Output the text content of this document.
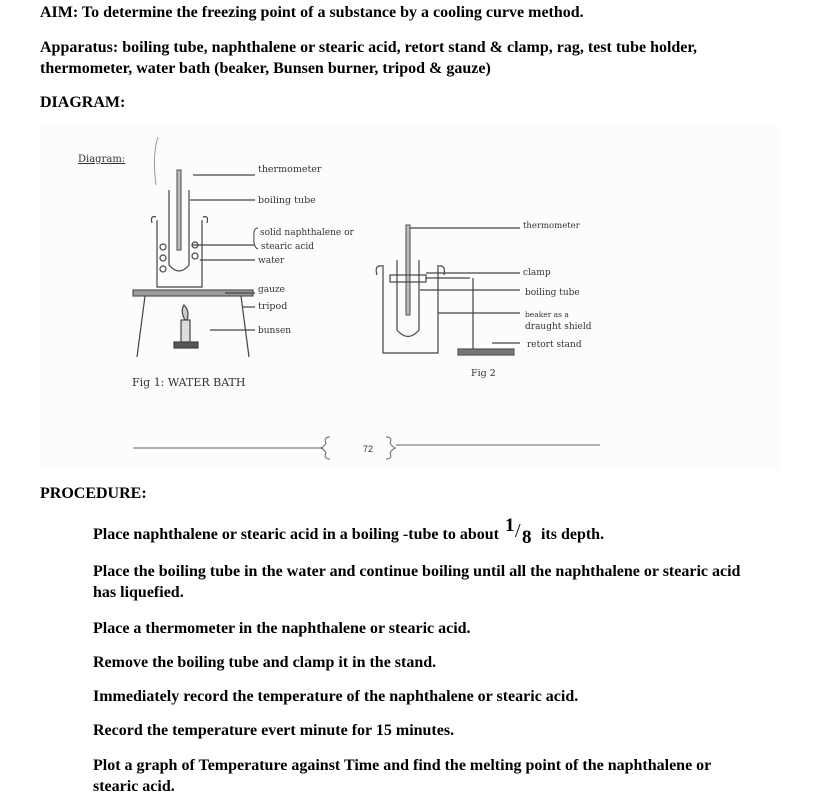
AIM: To determine the freezing point of a substance by a cooling curve method.
Apparatus: boiling tube, naphthalene or stearic acid, retort stand & clamp, rag, test tube holder, thermometer, water bath (beaker, Bunsen burner, tripod & gauze)
DIAGRAM:
Diagram:
thermometer
boiling tube
solid naphthalene or
stearic acid
water
gauze
tripod
bunsen
Fig 1: WATER BATH
thermometer
clamp
boiling tube
beaker as a
draught shield
retort stand
Fig 2
72
PROCEDURE:
Place naphthalene or stearic acid in a boiling -tube to about 1 / 8 its depth.
Place the boiling tube in the water and continue boiling until all the naphthalene or stearic acid has liquefied.
Place a thermometer in the naphthalene or stearic acid.
Remove the boiling tube and clamp it in the stand.
Immediately record the temperature of the naphthalene or stearic acid.
Record the temperature evert minute for 15 minutes.
Plot a graph of Temperature against Time and find the melting point of the naphthalene or stearic acid.
